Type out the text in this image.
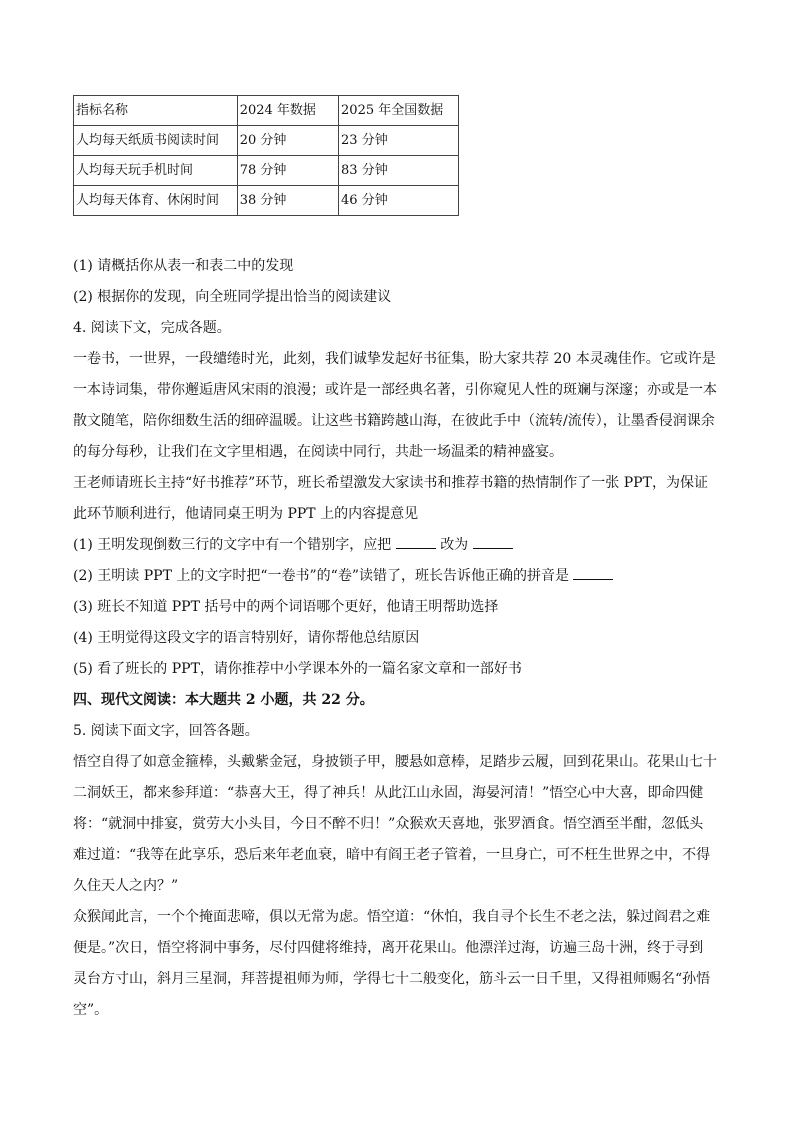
指标名称	2024 年数据	2025 年全国数据
人均每天纸质书阅读时间	20 分钟	23 分钟
人均每天玩手机时间	78 分钟	83 分钟
人均每天体育、休闲时间	38 分钟	46 分钟
(1) 请概括你从表一和表二中的发现
(2) 根据你的发现，向全班同学提出恰当的阅读建议
4. 阅读下文，完成各题。
一卷书，一世界，一段缱绻时光，此刻，我们诚挚发起好书征集，盼大家共荐 20 本灵魂佳作。它或许是
一本诗词集，带你邂逅唐风宋雨的浪漫；或许是一部经典名著，引你窥见人性的斑斓与深邃；亦或是一本
散文随笔，陪你细数生活的细碎温暖。让这些书籍跨越山海，在彼此手中（流转/流传），让墨香侵润课余
的每分每秒，让我们在文字里相遇，在阅读中同行，共赴一场温柔的精神盛宴。
王老师请班长主持“好书推荐”环节，班长希望激发大家读书和推荐书籍的热情制作了一张 PPT，为保证
此环节顺利进行，他请同桌王明为 PPT 上的内容提意见
(1) 王明发现倒数三行的文字中有一个错别字，应把	改为
(2) 王明读 PPT 上的文字时把“一卷书”的“卷”读错了，班长告诉他正确的拼音是
(3) 班长不知道 PPT 括号中的两个词语哪个更好，他请王明帮助选择
(4) 王明觉得这段文字的语言特别好，请你帮他总结原因
(5) 看了班长的 PPT，请你推荐中小学课本外的一篇名家文章和一部好书
四、现代文阅读：本大题共 2 小题，共 22 分。
5. 阅读下面文字，回答各题。
悟空自得了如意金箍棒，头戴紫金冠，身披锁子甲，腰悬如意棒，足踏步云履，回到花果山。花果山七十
二洞妖王，都来参拜道：“恭喜大王，得了神兵！从此江山永固，海晏河清！”悟空心中大喜，即命四健
将：“就洞中排宴，赏劳大小头目，今日不醉不归！”众猴欢天喜地，张罗酒食。悟空酒至半酣，忽低头
难过道：“我等在此享乐，恐后来年老血衰，暗中有阎王老子管着，一旦身亡，可不枉生世界之中，不得
久住天人之内？”
众猴闻此言，一个个掩面悲啼，俱以无常为虑。悟空道：“休怕，我自寻个长生不老之法，躲过阎君之难
便是。”次日，悟空将洞中事务，尽付四健将维持，离开花果山。他漂洋过海，访遍三岛十洲，终于寻到
灵台方寸山，斜月三星洞，拜菩提祖师为师，学得七十二般变化，筋斗云一日千里，又得祖师赐名“孙悟
空”。
